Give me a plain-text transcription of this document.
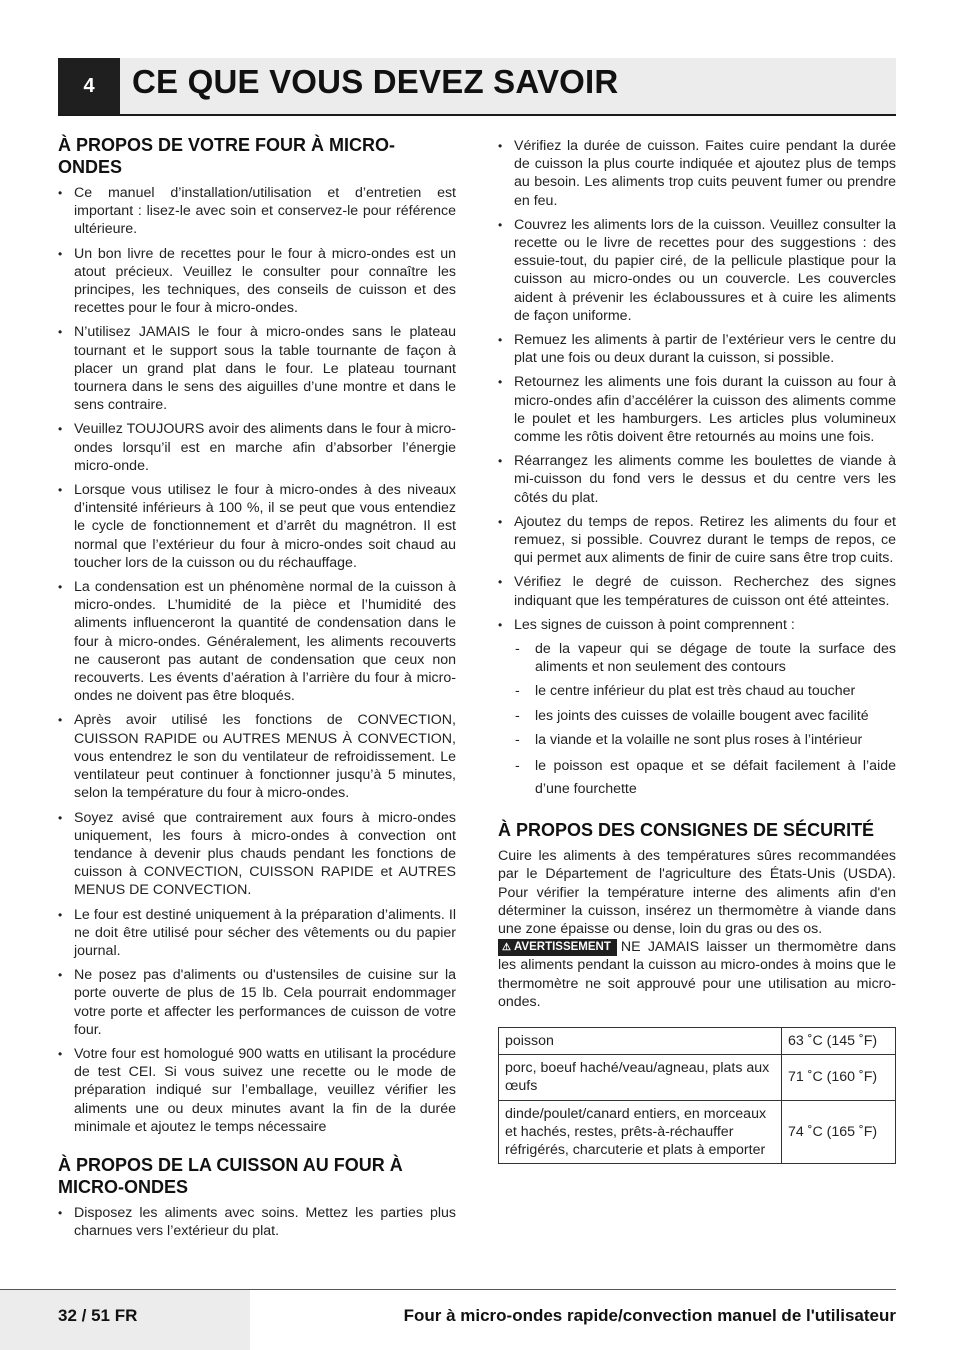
4	CE QUE VOUS DEVEZ SAVOIR
À PROPOS DE VOTRE FOUR À MICRO-ONDES
• Ce manuel d’installation/utilisation et d’entretien est important : lisez-le avec soin et conservez-le pour référence ultérieure.
• Un bon livre de recettes pour le four à micro-ondes est un atout précieux. Veuillez le consulter pour connaître les principes, les techniques, des conseils de cuisson et des recettes pour le four à micro-ondes.
• N’utilisez JAMAIS le four à micro-ondes sans le plateau tournant et le support sous la table tournante de façon à placer un grand plat dans le four. Le plateau tournant tournera dans le sens des aiguilles d’une montre et dans le sens contraire.
• Veuillez TOUJOURS avoir des aliments dans le four à micro-ondes lorsqu’il est en marche afin d’absorber l’énergie micro-onde.
• Lorsque vous utilisez le four à micro-ondes à des niveaux d’intensité inférieurs à 100 %, il se peut que vous entendiez le cycle de fonctionnement et d’arrêt du magnétron. Il est normal que l’extérieur du four à micro-ondes soit chaud au toucher lors de la cuisson ou du réchauffage.
• La condensation est un phénomène normal de la cuisson à micro-ondes. L’humidité de la pièce et l’humidité des aliments influenceront la quantité de condensation dans le four à micro-ondes. Généralement, les aliments recouverts ne causeront pas autant de condensation que ceux non recouverts. Les évents d’aération à l’arrière du four à micro-ondes ne doivent pas être bloqués.
• Après avoir utilisé les fonctions de CONVECTION, CUISSON RAPIDE ou AUTRES MENUS À CONVECTION, vous entendrez le son du ventilateur de refroidissement. Le ventilateur peut continuer à fonctionner jusqu’à 5 minutes, selon la température du four à micro-ondes.
• Soyez avisé que contrairement aux fours à micro-ondes uniquement, les fours à micro-ondes à convection ont tendance à devenir plus chauds pendant les fonctions de cuisson à CONVECTION, CUISSON RAPIDE et AUTRES MENUS DE CONVECTION.
• Le four est destiné uniquement à la préparation d’aliments. Il ne doit être utilisé pour sécher des vêtements ou du papier journal.
• Ne posez pas d'aliments ou d'ustensiles de cuisine sur la porte ouverte de plus de 15 lb. Cela pourrait endommager votre porte et affecter les performances de cuisson de votre four.
• Votre four est homologué 900 watts en utilisant la procédure de test CEI. Si vous suivez une recette ou le mode de préparation indiqué sur l’emballage, veuillez vérifier les aliments une ou deux minutes avant la fin de la durée minimale et ajoutez le temps nécessaire
À PROPOS DE LA CUISSON AU FOUR À MICRO-ONDES
• Disposez les aliments avec soins. Mettez les parties plus charnues vers l’extérieur du plat.
• Vérifiez la durée de cuisson. Faites cuire pendant la durée de cuisson la plus courte indiquée et ajoutez plus de temps au besoin. Les aliments trop cuits peuvent fumer ou prendre en feu.
• Couvrez les aliments lors de la cuisson. Veuillez consulter la recette ou le livre de recettes pour des suggestions : des essuie-tout, du papier ciré, de la pellicule plastique pour la cuisson au micro-ondes ou un couvercle. Les couvercles aident à prévenir les éclaboussures et à cuire les aliments de façon uniforme.
• Remuez les aliments à partir de l’extérieur vers le centre du plat une fois ou deux durant la cuisson, si possible.
• Retournez les aliments une fois durant la cuisson au four à micro-ondes afin d’accélérer la cuisson des aliments comme le poulet et les hamburgers. Les articles plus volumineux comme les rôtis doivent être retournés au moins une fois.
• Réarrangez les aliments comme les boulettes de viande à mi-cuisson du fond vers le dessus et du centre vers les côtés du plat.
• Ajoutez du temps de repos. Retirez les aliments du four et remuez, si possible. Couvrez durant le temps de repos, ce qui permet aux aliments de finir de cuire sans être trop cuits.
• Vérifiez le degré de cuisson. Recherchez des signes indiquant que les températures de cuisson ont été atteintes.
• Les signes de cuisson à point comprennent :
- de la vapeur qui se dégage de toute la surface des aliments et non seulement des contours
- le centre inférieur du plat est très chaud au toucher
- les joints des cuisses de volaille bougent avec facilité
- la viande et la volaille ne sont plus roses à l’intérieur
- le poisson est opaque et se défait facilement à l’aide d’une fourchette
À PROPOS DES CONSIGNES DE SÉCURITÉ

Cuire les aliments à des températures sûres recommandées par le Département de l'agriculture des États-Unis (USDA). Pour vérifier la température interne des aliments afin d'en déterminer la cuisson, insérez un thermomètre à viande dans une zone épaisse ou dense, loin du gras ou des os.

⚠ AVERTISSEMENT NE JAMAIS laisser un thermomètre dans les aliments pendant la cuisson au micro-ondes à moins que le thermomètre ne soit approuvé pour une utilisation au micro-ondes.

poisson	63 ˚C (145 ˚F)
porc, boeuf haché/veau/agneau, plats aux œufs	71 ˚C (160 ˚F)
dinde/poulet/canard entiers, en morceaux et hachés, restes, prêts-à-réchauffer réfrigérés, charcuterie et plats à emporter	74 ˚C (165 ˚F)
32 / 51 FR	Four à micro-ondes rapide/convection manuel de l'utilisateur
